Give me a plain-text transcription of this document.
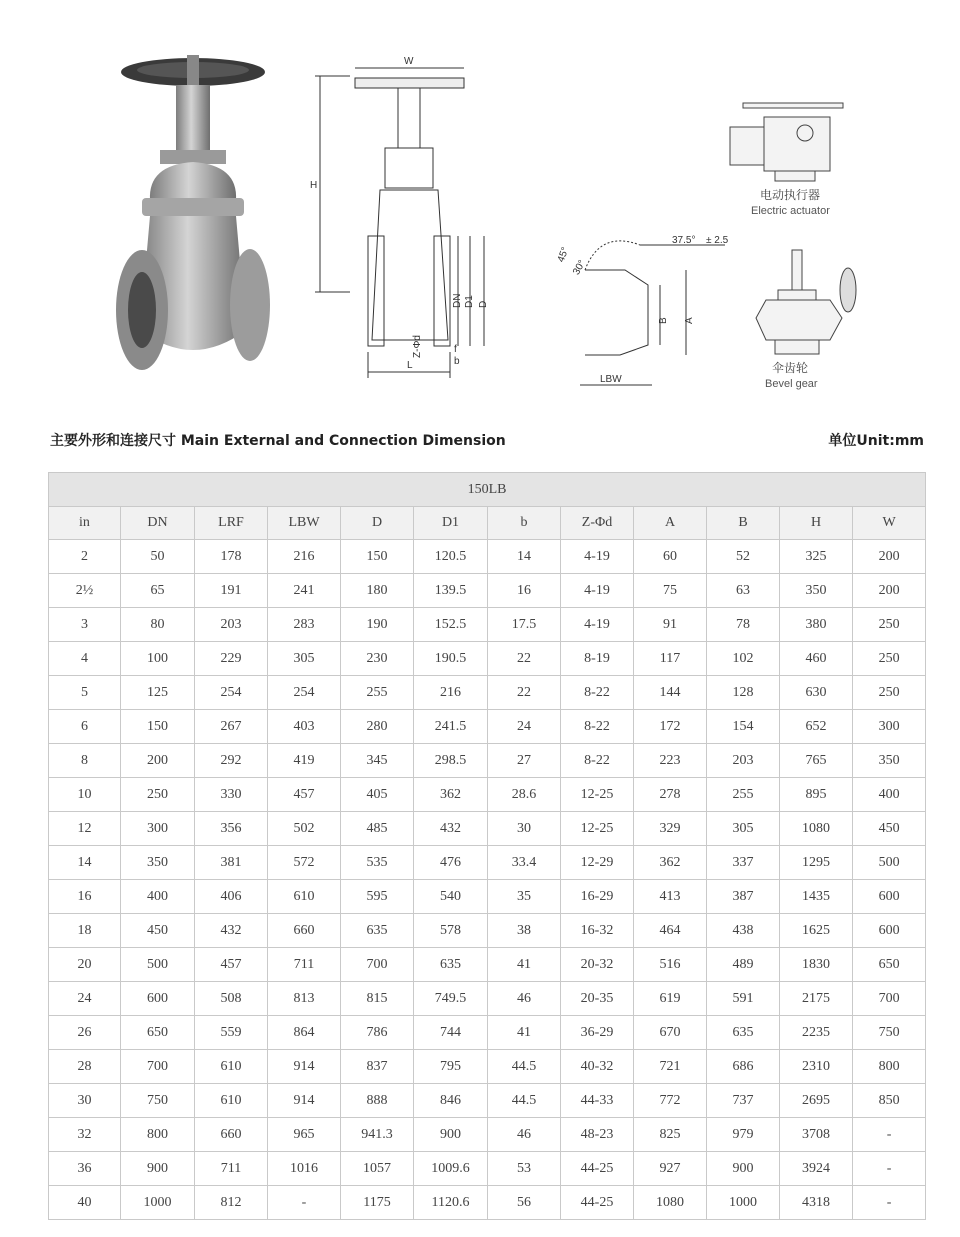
W
H
L
DN D1 D
Z-Φd	f
b
45°
30°
37.5° ± 2.5
B A
LBW
电动执行器
Electric actuator
伞齿轮
Bevel gear
主要外形和连接尺寸 Main External and Connection Dimension	单位Unit:mm
150LB											
in	DN	LRF	LBW	D	D1	b	Z-Φd	A	B	H	W
2	50	178	216	150	120.5	14	4-19	60	52	325	200
2½	65	191	241	180	139.5	16	4-19	75	63	350	200
3	80	203	283	190	152.5	17.5	4-19	91	78	380	250
4	100	229	305	230	190.5	22	8-19	117	102	460	250
5	125	254	254	255	216	22	8-22	144	128	630	250
6	150	267	403	280	241.5	24	8-22	172	154	652	300
8	200	292	419	345	298.5	27	8-22	223	203	765	350
10	250	330	457	405	362	28.6	12-25	278	255	895	400
12	300	356	502	485	432	30	12-25	329	305	1080	450
14	350	381	572	535	476	33.4	12-29	362	337	1295	500
16	400	406	610	595	540	35	16-29	413	387	1435	600
18	450	432	660	635	578	38	16-32	464	438	1625	600
20	500	457	711	700	635	41	20-32	516	489	1830	650
24	600	508	813	815	749.5	46	20-35	619	591	2175	700
26	650	559	864	786	744	41	36-29	670	635	2235	750
28	700	610	914	837	795	44.5	40-32	721	686	2310	800
30	750	610	914	888	846	44.5	44-33	772	737	2695	850
32	800	660	965	941.3	900	46	48-23	825	979	3708	-
36	900	711	1016	1057	1009.6	53	44-25	927	900	3924	-
40	1000	812	-	1175	1120.6	56	44-25	1080	1000	4318	-
